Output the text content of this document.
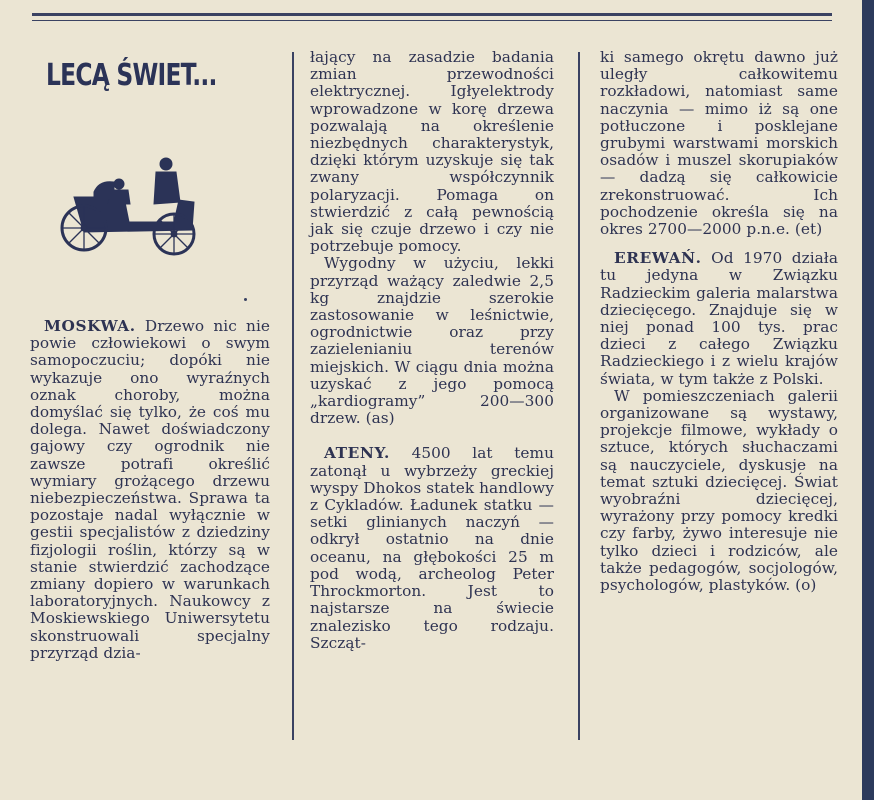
LECĄ ŚWIET...

MOSKWA. Drzewo nic nie powie człowiekowi o swym samopoczuciu; dopóki nie wykazuje ono wyraźnych oznak choroby, można domyślać się tylko, że coś mu dolega. Nawet doświadczony gajowy czy ogrodnik nie zawsze potrafi określić wymiary grożącego drzewu niebezpieczeństwa. Sprawa ta pozostaje nadal wyłącznie w gestii specjalistów z dziedziny fizjologii roślin, którzy są w stanie stwierdzić zachodzące zmiany dopiero w warunkach laboratoryjnych. Naukowcy z Moskiewskiego Uniwersytetu skonstruowali specjalny przyrząd dzia-

łający na zasadzie badania zmian przewodności elektrycznej. Igłyelektrody wprowadzone w korę drzewa pozwalają na określenie niezbędnych charakterystyk, dzięki którym uzyskuje się tak zwany współczynnik polaryzacji. Pomaga on stwierdzić z całą pewnością jak się czuje drzewo i czy nie potrzebuje pomocy.

Wygodny w użyciu, lekki przyrząd ważący zaledwie 2,5 kg znajdzie szerokie zastosowanie w leśnictwie, ogrodnictwie oraz przy zazielenianiu terenów miejskich. W ciągu dnia można uzyskać z jego pomocą „kardiogramy” 200—300 drzew. (as)

ATENY. 4500 lat temu zatonął u wybrzeży greckiej wyspy Dhokos statek handlowy z Cykladów. Ładunek statku — setki glinianych naczyń — odkrył ostatnio na dnie oceanu, na głębokości 25 m pod wodą, archeolog Peter Throckmorton. Jest to najstarsze na świecie znalezisko tego rodzaju. Szcząt-

ki samego okrętu dawno już uległy całkowitemu rozkładowi, natomiast same naczynia — mimo iż są one potłuczone i posklejane grubymi warstwami morskich osadów i muszel skorupiaków — dadzą się całkowicie zrekonstruować. Ich pochodzenie określa się na okres 2700—2000 p.n.e. (et)

EREWAŃ. Od 1970 działa tu jedyna w Związku Radzieckim galeria malarstwa dziecięcego. Znajduje się w niej ponad 100 tys. prac dzieci z całego Związku Radzieckiego i z wielu krajów świata, w tym także z Polski.

W pomieszczeniach galerii organizowane są wystawy, projekcje filmowe, wykłady o sztuce, których słuchaczami są nauczyciele, dyskusje na temat sztuki dziecięcej. Świat wyobraźni dziecięcej, wyrażony przy pomocy kredki czy farby, żywo interesuje nie tylko dzieci i rodziców, ale także pedagogów, socjologów, psychologów, plastyków. (o)
